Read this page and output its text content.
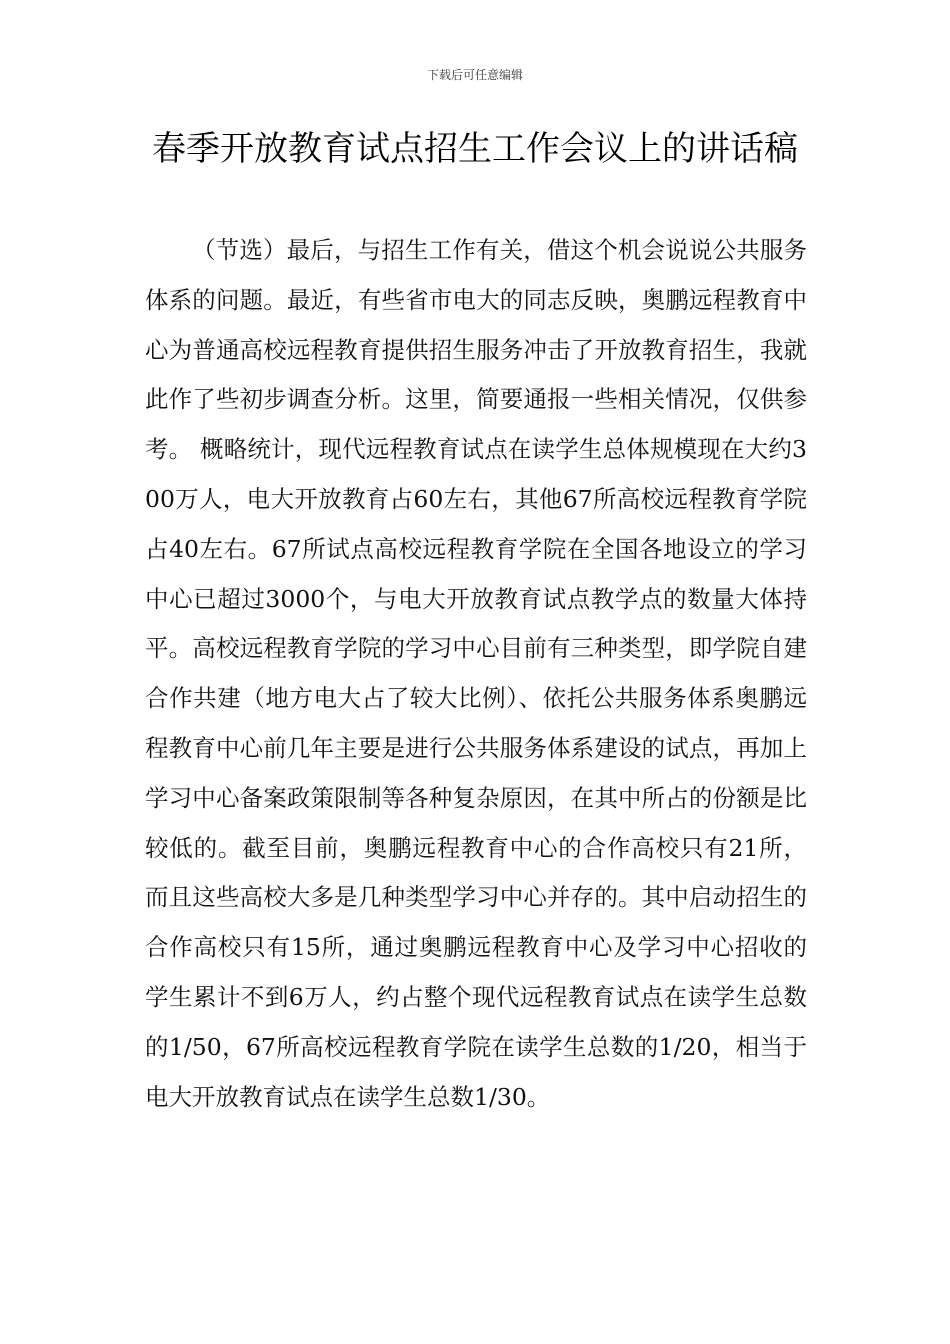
下载后可任意编辑
春季开放教育试点招生工作会议上的讲话稿

（节选）最后，与招生工作有关，借这个机会说说公共服务体系的问题。最近，有些省市电大的同志反映，奥鹏远程教育中心为普通高校远程教育提供招生服务冲击了开放教育招生，我就此作了些初步调查分析。这里，简要通报一些相关情况，仅供参考。 概略统计，现代远程教育试点在读学生总体规模现在大约300万人，电大开放教育占60左右，其他67所高校远程教育学院占40左右。67所试点高校远程教育学院在全国各地设立的学习中心已超过3000个，与电大开放教育试点教学点的数量大体持平。高校远程教育学院的学习中心目前有三种类型，即学院自建合作共建（地方电大占了较大比例）、依托公共服务体系奥鹏远程教育中心前几年主要是进行公共服务体系建设的试点，再加上学习中心备案政策限制等各种复杂原因，在其中所占的份额是比较低的。截至目前，奥鹏远程教育中心的合作高校只有21所，而且这些高校大多是几种类型学习中心并存的。其中启动招生的合作高校只有15所，通过奥鹏远程教育中心及学习中心招收的学生累计不到6万人，约占整个现代远程教育试点在读学生总数的1/50，67所高校远程教育学院在读学生总数的1/20，相当于电大开放教育试点在读学生总数1/30。
